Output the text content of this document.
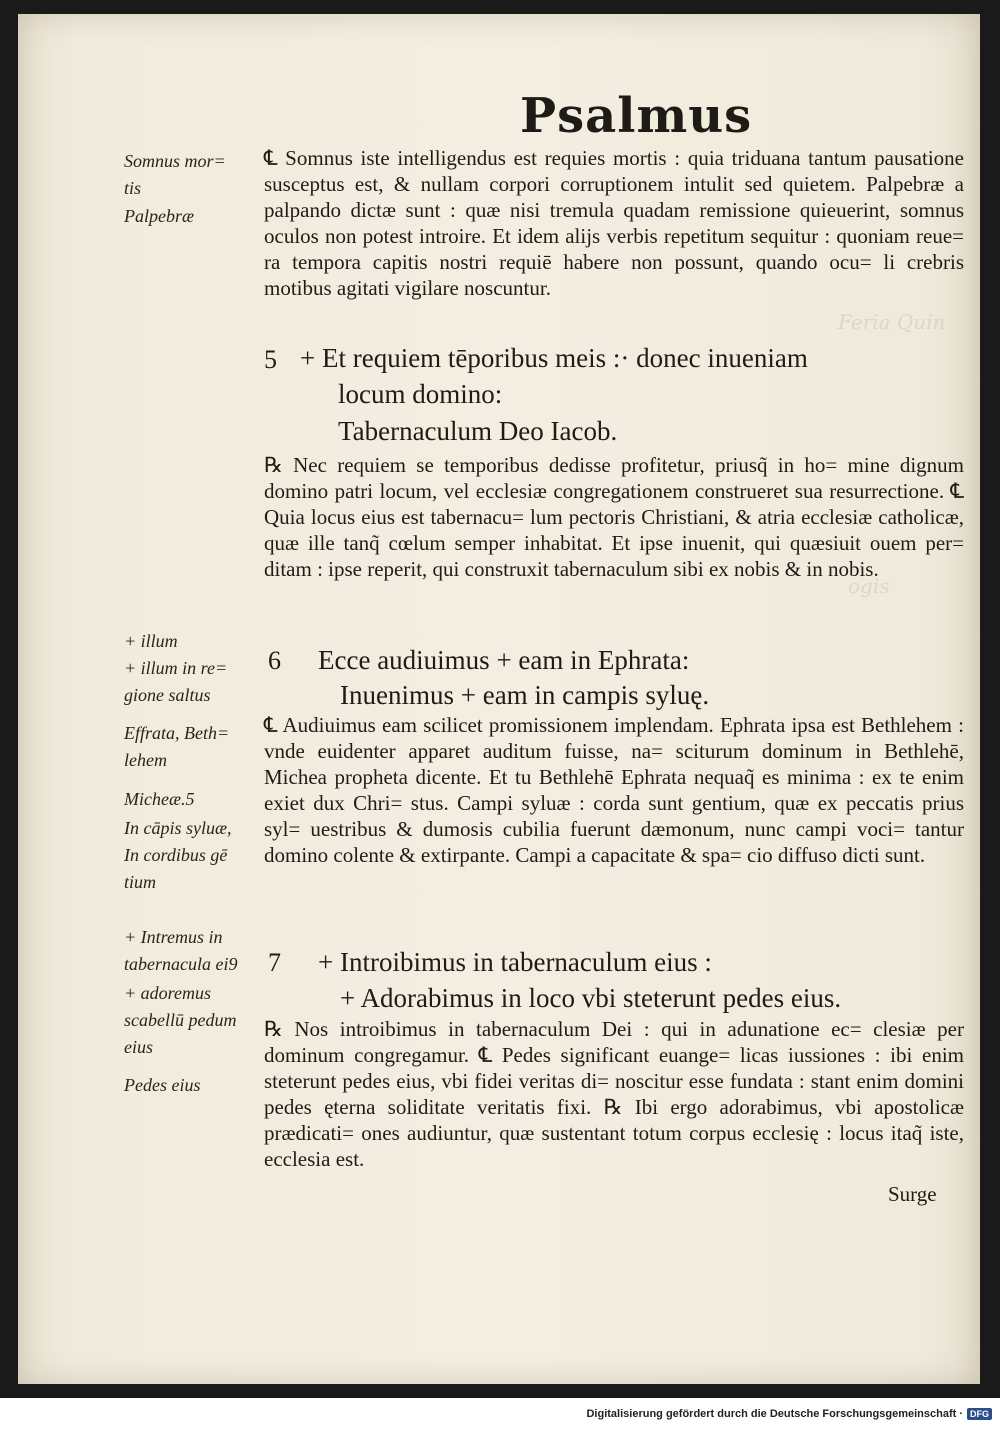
Feria Quin
ogis
Psalmus
Somnus mor=
tis
Palpebræ
+ illum
+ illum in re=
gione saltus
Effrata, Beth=
lehem
Micheæ.5
In cāpis syluæ,
In cordibus gē
tium
+ Intremus in
tabernacula ei9
+ adoremus
scabellū pedum
eius
Pedes eius
℄ Somnus iste intelligendus est requies mortis : quia triduana tantum pausatione susceptus est, & nullam corpori corruptionem intulit sed quietem. Palpebræ a palpando dictæ sunt : quæ nisi tremula quadam remissione quieuerint, somnus oculos non potest introire. Et idem alijs verbis repetitum sequitur : quoniam reue= ra tempora capitis nostri requiē habere non possunt, quando ocu= li crebris motibus agitati vigilare noscuntur.
5 + Et requiem tēporibus meis :· donec inueniam
locum domino:
Tabernaculum Deo Iacob.
℞ Nec requiem se temporibus dedisse profitetur, priusq̃ in ho= mine dignum domino patri locum, vel ecclesiæ congregationem construeret sua resurrectione. ℄ Quia locus eius est tabernacu= lum pectoris Christiani, & atria ecclesiæ catholicæ, quæ ille tanq̃ cœlum semper inhabitat. Et ipse inuenit, qui quæsiuit ouem per= ditam : ipse reperit, qui construxit tabernaculum sibi ex nobis & in nobis.
6 Ecce audiuimus + eam in Ephrata:
Inuenimus + eam in campis syluę.
℄ Audiuimus eam scilicet promissionem implendam. Ephrata ipsa est Bethlehem : vnde euidenter apparet auditum fuisse, na= sciturum dominum in Bethlehē, Michea propheta dicente. Et tu Bethlehē Ephrata nequaq̃ es minima : ex te enim exiet dux Chri= stus. Campi syluæ : corda sunt gentium, quæ ex peccatis prius syl= uestribus & dumosis cubilia fuerunt dæmonum, nunc campi voci= tantur domino colente & extirpante. Campi a capacitate & spa= cio diffuso dicti sunt.
7 + Introibimus in tabernaculum eius :
+ Adorabimus in loco vbi steterunt pedes eius.
℞ Nos introibimus in tabernaculum Dei : qui in adunatione ec= clesiæ per dominum congregamur. ℄ Pedes significant euange= licas iussiones : ibi enim steterunt pedes eius, vbi fidei veritas di= noscitur esse fundata : stant enim domini pedes ęterna soliditate veritatis fixi. ℞ Ibi ergo adorabimus, vbi apostolicæ prædicati= ones audiuntur, quæ sustentant totum corpus ecclesię : locus itaq̃ iste, ecclesia est.
Surge
Digitalisierung gefördert durch die Deutsche Forschungsgemeinschaft · DFG
